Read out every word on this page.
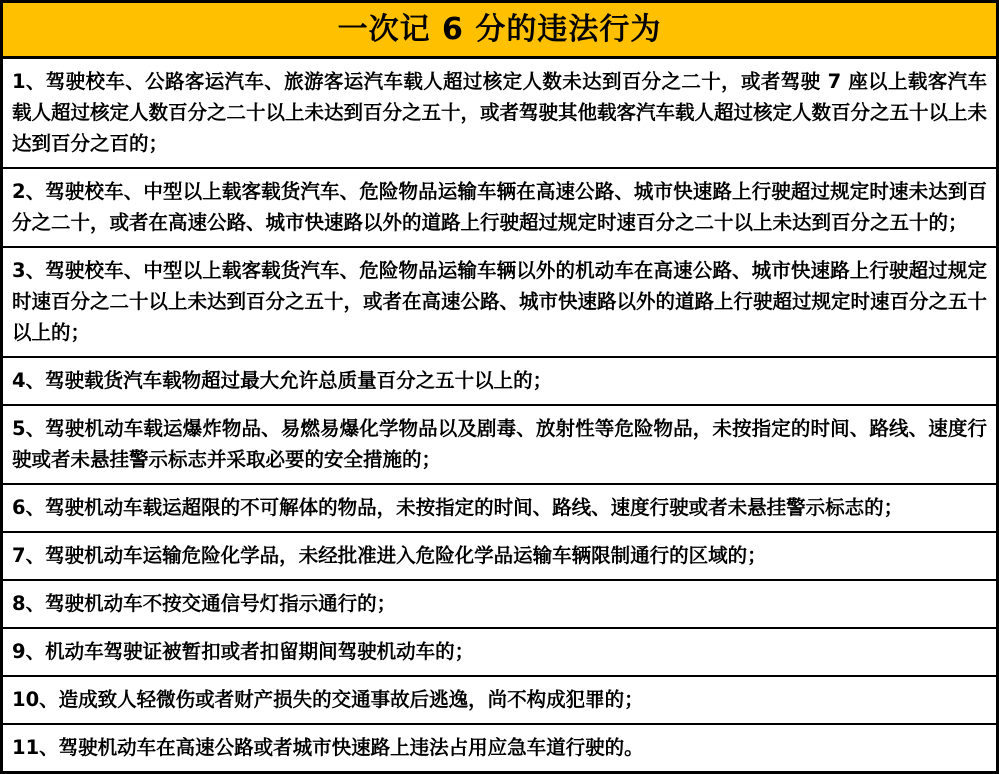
一次记 6 分的违法行为

1、驾驶校车、公路客运汽车、旅游客运汽车载人超过核定人数未达到百分之二十，或者驾驶 7 座以上载客汽车载人超过核定人数百分之二十以上未达到百分之五十，或者驾驶其他载客汽车载人超过核定人数百分之五十以上未达到百分之百的；

2、驾驶校车、中型以上载客载货汽车、危险物品运输车辆在高速公路、城市快速路上行驶超过规定时速未达到百分之二十，或者在高速公路、城市快速路以外的道路上行驶超过规定时速百分之二十以上未达到百分之五十的；

3、驾驶校车、中型以上载客载货汽车、危险物品运输车辆以外的机动车在高速公路、城市快速路上行驶超过规定时速百分之二十以上未达到百分之五十，或者在高速公路、城市快速路以外的道路上行驶超过规定时速百分之五十以上的；

4、驾驶载货汽车载物超过最大允许总质量百分之五十以上的；

5、驾驶机动车载运爆炸物品、易燃易爆化学物品以及剧毒、放射性等危险物品，未按指定的时间、路线、速度行驶或者未悬挂警示标志并采取必要的安全措施的；

6、驾驶机动车载运超限的不可解体的物品，未按指定的时间、路线、速度行驶或者未悬挂警示标志的；

7、驾驶机动车运输危险化学品，未经批准进入危险化学品运输车辆限制通行的区域的；

8、驾驶机动车不按交通信号灯指示通行的；

9、机动车驾驶证被暂扣或者扣留期间驾驶机动车的；

10、造成致人轻微伤或者财产损失的交通事故后逃逸，尚不构成犯罪的；

11、驾驶机动车在高速公路或者城市快速路上违法占用应急车道行驶的。
